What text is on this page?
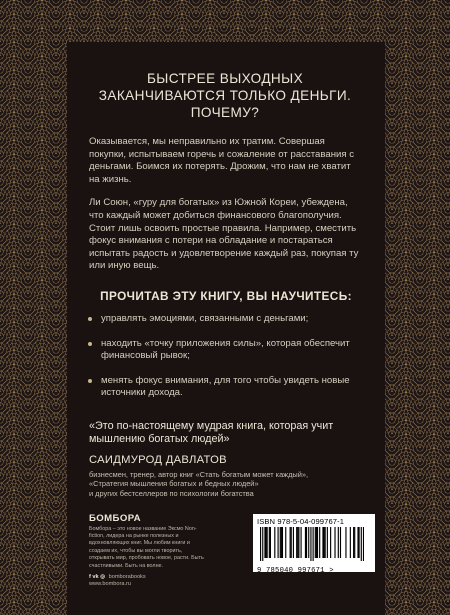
БЫСТРЕЕ ВЫХОДНЫХ ЗАКАНЧИВАЮТСЯ ТОЛЬКО ДЕНЬГИ. ПОЧЕМУ?

Оказывается, мы неправильно их тратим. Совершая покупки, испытываем горечь и сожаление от расставания с деньгами. Боимся их потерять. Дрожим, что нам не хватит на жизнь.

Ли Союн, «гуру для богатых» из Южной Кореи, убеждена, что каждый может добиться финансового благополучия. Стоит лишь освоить простые правила. Например, сместить фокус внимания с потери на обладание и постараться испытать радость и удовлетворение каждый раз, покупая ту или иную вещь.

ПРОЧИТАВ ЭТУ КНИГУ, ВЫ НАУЧИТЕСЬ:
управлять эмоциями, связанными с деньгами;
находить «точку приложения силы», которая обеспечит финансовый рывок;
менять фокус внимания, для того чтобы увидеть новые источники дохода.

«Это по-настоящему мудрая книга, которая учит мышлению богатых людей»

САИДМУРОД ДАВЛАТОВ

бизнесмен, тренер, автор книг «Стать богатым может каждый»,
«Стратегия мышления богатых и бедных людей»
и других бестселлеров по психологии богатства

БОМБОРА

Бомбора – это новое название Эксмо Non-fiction, лидера на рынке полезных и вдохновляющих книг. Мы любим книги и создаем их, чтобы вы могли творить, открывать мир, пробовать новое, расти. Быть счастливыми. Быть на волне.

f vk ◎ bomborabooks
www.bombora.ru
ISBN 978-5-04-099767-1
9 785040 997671 >
